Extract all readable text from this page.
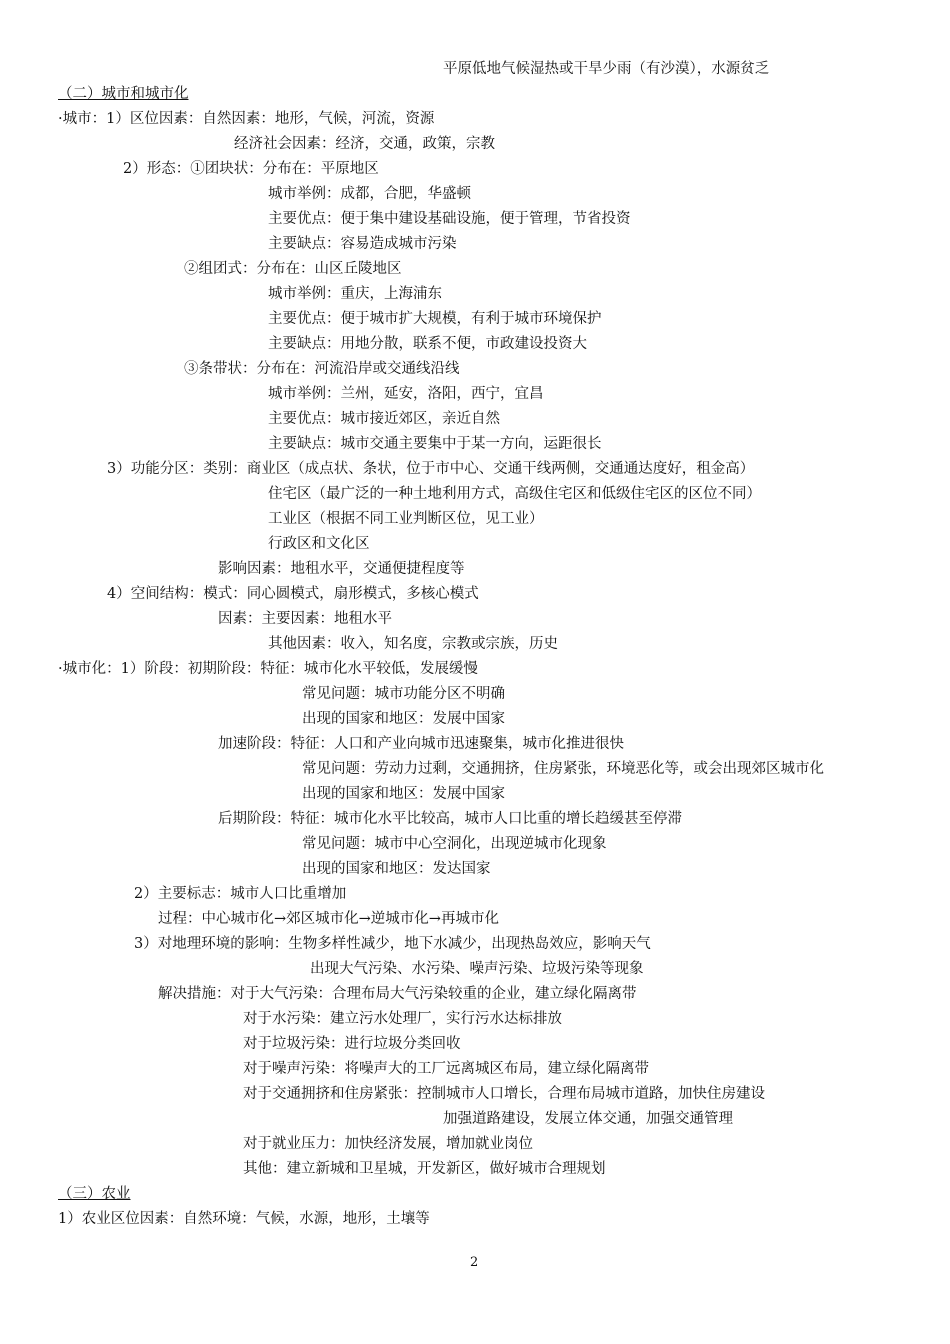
平原低地气候湿热或干旱少雨（有沙漠），水源贫乏
（二）城市和城市化
·城市：1）区位因素：自然因素：地形，气候，河流，资源
经济社会因素：经济，交通，政策，宗教
2）形态：①团块状：分布在：平原地区
城市举例：成都，合肥，华盛顿
主要优点：便于集中建设基础设施，便于管理，节省投资
主要缺点：容易造成城市污染
②组团式：分布在：山区丘陵地区
城市举例：重庆，上海浦东
主要优点：便于城市扩大规模，有利于城市环境保护
主要缺点：用地分散，联系不便，市政建设投资大
③条带状：分布在：河流沿岸或交通线沿线
城市举例：兰州，延安，洛阳，西宁，宜昌
主要优点：城市接近郊区，亲近自然
主要缺点：城市交通主要集中于某一方向，运距很长
3）功能分区：类别：商业区（成点状、条状，位于市中心、交通干线两侧，交通通达度好，租金高）
住宅区（最广泛的一种土地利用方式，高级住宅区和低级住宅区的区位不同）
工业区（根据不同工业判断区位，见工业）
行政区和文化区
影响因素：地租水平，交通便捷程度等
4）空间结构：模式：同心圆模式，扇形模式，多核心模式
因素：主要因素：地租水平
其他因素：收入，知名度，宗教或宗族，历史
·城市化：1）阶段：初期阶段：特征：城市化水平较低，发展缓慢
常见问题：城市功能分区不明确
出现的国家和地区：发展中国家
加速阶段：特征：人口和产业向城市迅速聚集，城市化推进很快
常见问题：劳动力过剩，交通拥挤，住房紧张，环境恶化等，或会出现郊区城市化
出现的国家和地区：发展中国家
后期阶段：特征：城市化水平比较高，城市人口比重的增长趋缓甚至停滞
常见问题：城市中心空洞化，出现逆城市化现象
出现的国家和地区：发达国家
2）主要标志：城市人口比重增加
过程：中心城市化→郊区城市化→逆城市化→再城市化
3）对地理环境的影响：生物多样性减少，地下水减少，出现热岛效应，影响天气
出现大气污染、水污染、噪声污染、垃圾污染等现象
解决措施：对于大气污染：合理布局大气污染较重的企业，建立绿化隔离带
对于水污染：建立污水处理厂，实行污水达标排放
对于垃圾污染：进行垃圾分类回收
对于噪声污染：将噪声大的工厂远离城区布局，建立绿化隔离带
对于交通拥挤和住房紧张：控制城市人口增长，合理布局城市道路，加快住房建设
加强道路建设，发展立体交通，加强交通管理
对于就业压力：加快经济发展，增加就业岗位
其他：建立新城和卫星城，开发新区，做好城市合理规划
（三）农业
1）农业区位因素：自然环境：气候，水源，地形，土壤等
2
